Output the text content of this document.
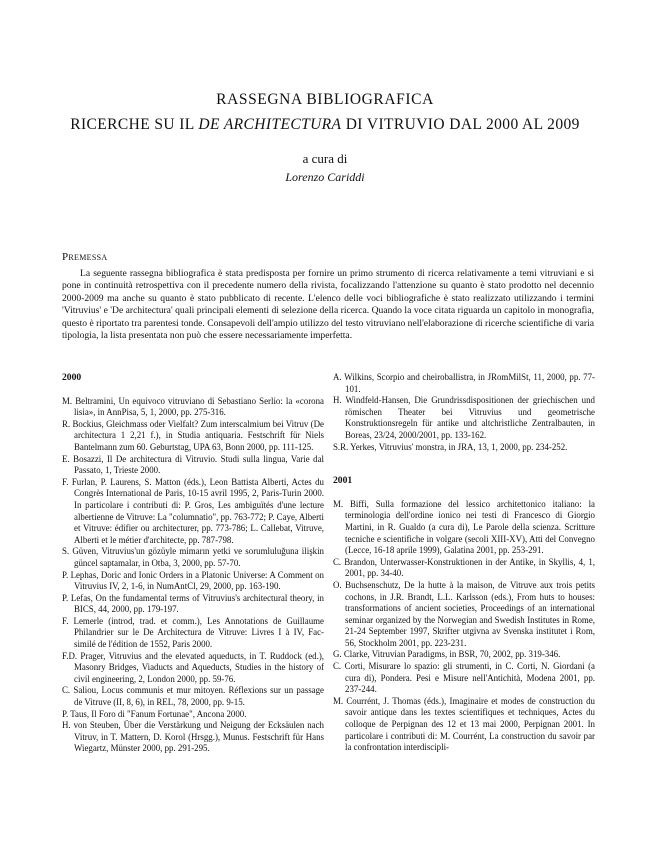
RASSEGNA BIBLIOGRAFICA
RICERCHE SU IL DE ARCHITECTURA DI VITRUVIO DAL 2000 AL 2009
a cura di
Lorenzo Cariddi
Premessa

La seguente rassegna bibliografica è stata predisposta per fornire un primo strumento di ricerca relativamente a temi vitruviani e si pone in continuità retrospettiva con il precedente numero della rivista, focalizzando l'attenzione su quanto è stato prodotto nel decennio 2000-2009 ma anche su quanto è stato pubblicato di recente. L'elenco delle voci bibliografiche è stato realizzato utilizzando i termini 'Vitruvius' e 'De architectura' quali principali elementi di selezione della ricerca. Quando la voce citata riguarda un capitolo in monografia, questo è riportato tra parentesi tonde. Consapevoli dell'ampio utilizzo del testo vitruviano nell'elaborazione di ricerche scientifiche di varia tipologia, la lista presentata non può che essere necessariamente imperfetta.

2000
M. Beltramini, Un equivoco vitruviano di Sebastiano Serlio: la «corona lisia», in AnnPisa, 5, 1, 2000, pp. 275-316.
R. Bockius, Gleichmass oder Vielfalt? Zum interscalmium bei Vitruv (De architectura 1 2,21 f.), in Studia antiquaria. Festschrift für Niels Bantelmann zum 60. Geburtstag, UPA 63, Bonn 2000, pp. 111-125.
E. Bosazzi, Il De architectura di Vitruvio. Studi sulla lingua, Varie dal Passato, 1, Trieste 2000.
F. Furlan, P. Laurens, S. Matton (éds.), Leon Battista Alberti, Actes du Congrès International de Paris, 10-15 avril 1995, 2, Paris-Turin 2000. In particolare i contributi di: P. Gros, Les ambiguïtés d'une lecture albertienne de Vitruve: La "columnatio", pp. 763-772; P. Caye, Alberti et Vitruve: édifier ou architecturer, pp. 773-786; L. Callebat, Vitruve, Alberti et le métier d'architecte, pp. 787-798.
S. Güven, Vitruvius'un gözüyle mimarın yetki ve sorumluluğuna ilişkin güncel saptamalar, in Otba, 3, 2000, pp. 57-70.
P. Lephas, Doric and Ionic Orders in a Platonic Universe: A Comment on Vitruvius IV, 2, 1-6, in NumAntCl, 29, 2000, pp. 163-190.
P. Lefas, On the fundamental terms of Vitruvius's architectural theory, in BICS, 44, 2000, pp. 179-197.
F. Lemerle (introd, trad. et comm.), Les Annotations de Guillaume Philandrier sur le De Architectura de Vitruve: Livres I à IV, Fac-similé de l'édition de 1552, Paris 2000.
F.D. Prager, Vitruvius and the elevated aqueducts, in T. Ruddock (ed.), Masonry Bridges, Viaducts and Aqueducts, Studies in the history of civil engineering, 2, London 2000, pp. 59-76.
C. Saliou, Locus communis et mur mitoyen. Réflexions sur un passage de Vitruve (II, 8, 6), in REL, 78, 2000, pp. 9-15.
P. Taus, Il Foro di "Fanum Fortunae", Ancona 2000.
H. von Steuben, Über die Verstärkung und Neigung der Ecksäulen nach Vitruv, in T. Mattern, D. Korol (Hrsgg.), Munus. Festschrift für Hans Wiegartz, Münster 2000, pp. 291-295.
A. Wilkins, Scorpio and cheiroballistra, in JRomMilSt, 11, 2000, pp. 77-101.
H. Windfeld-Hansen, Die Grundrissdispositionen der griechischen und römischen Theater bei Vitruvius und geometrische Konstruktionsregeln für antike und altchristliche Zentralbauten, in Boreas, 23/24, 2000/2001, pp. 133-162.
S.R. Yerkes, Vitruvius' monstra, in JRA, 13, 1, 2000, pp. 234-252.
2001
M. Biffi, Sulla formazione del lessico architettonico italiano: la terminologia dell'ordine ionico nei testi di Francesco di Giorgio Martini, in R. Gualdo (a cura di), Le Parole della scienza. Scritture tecniche e scientifiche in volgare (secoli XIII-XV), Atti del Convegno (Lecce, 16-18 aprile 1999), Galatina 2001, pp. 253-291.
C. Brandon, Unterwasser-Konstruktionen in der Antike, in Skyllis, 4, 1, 2001, pp. 34-40.
O. Buchsenschutz, De la hutte à la maison, de Vitruve aux trois petits cochons, in J.R. Brandt, L.L. Karlsson (eds.), From huts to houses: transformations of ancient societies, Proceedings of an international seminar organized by the Norwegian and Swedish Institutes in Rome, 21-24 September 1997, Skrifter utgivna av Svenska institutet i Rom, 56, Stockholm 2001, pp. 223-231.
G. Clarke, Vitruvian Paradigms, in BSR, 70, 2002, pp. 319-346.
C. Corti, Misurare lo spazio: gli strumenti, in C. Corti, N. Giordani (a cura di), Pondera. Pesi e Misure nell'Antichità, Modena 2001, pp. 237-244.
M. Courrént, J. Thomas (éds.), Imaginaire et modes de construction du savoir antique dans les textes scientifiques et techniques, Actes du colloque de Perpignan des 12 et 13 mai 2000, Perpignan 2001. In particolare i contributi di: M. Courrént, La construction du savoir par la confrontation interdiscipli-
